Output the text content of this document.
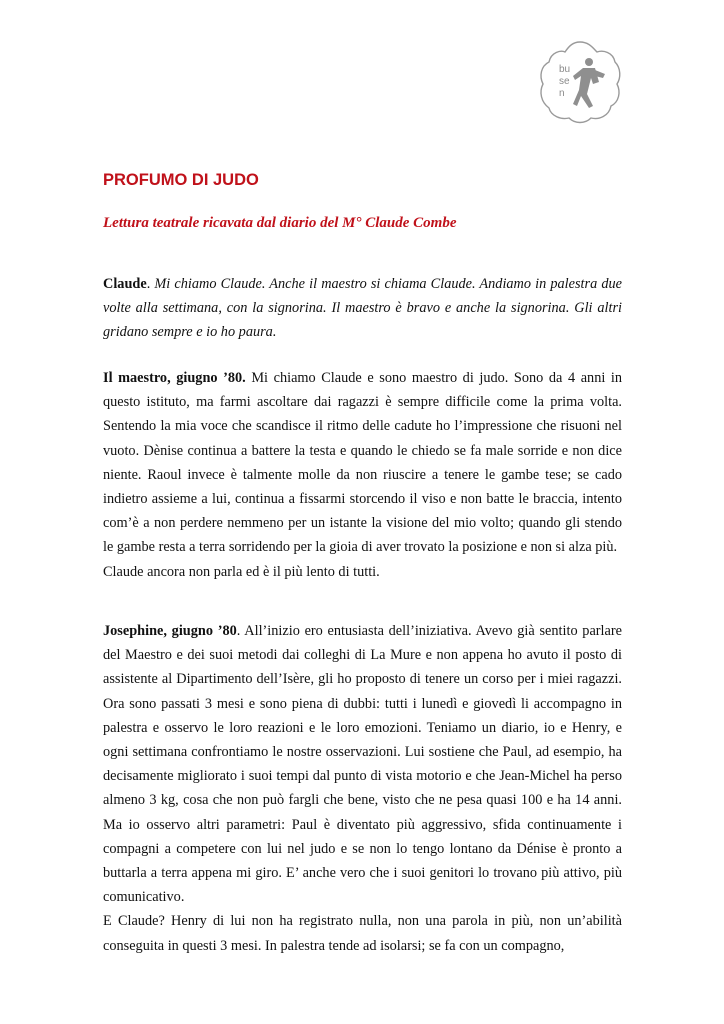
bu
se
n
PROFUMO DI JUDO
Lettura teatrale ricavata dal diario del M° Claude Combe

Claude. Mi chiamo Claude. Anche il maestro si chiama Claude. Andiamo in palestra due volte alla settimana, con la signorina. Il maestro è bravo e anche la signorina. Gli altri gridano sempre e io ho paura.

Il maestro, giugno ’80. Mi chiamo Claude e sono maestro di judo. Sono da 4 anni in questo istituto, ma farmi ascoltare dai ragazzi è sempre difficile come la prima volta. Sentendo la mia voce che scandisce il ritmo delle cadute ho l’impressione che risuoni nel vuoto. Dènise continua a battere la testa e quando le chiedo se fa male sorride e non dice niente. Raoul invece è talmente molle da non riuscire a tenere le gambe tese; se cado indietro assieme a lui, continua a fissarmi storcendo il viso e non batte le braccia, intento com’è a non perdere nemmeno per un istante la visione del mio volto; quando gli stendo le gambe resta a terra sorridendo per la gioia di aver trovato la posizione e non si alza più.
Claude ancora non parla ed è il più lento di tutti.

Josephine, giugno ’80. All’inizio ero entusiasta dell’iniziativa. Avevo già sentito parlare del Maestro e dei suoi metodi dai colleghi di La Mure e non appena ho avuto il posto di assistente al Dipartimento dell’Isère, gli ho proposto di tenere un corso per i miei ragazzi. Ora sono passati 3 mesi e sono piena di dubbi: tutti i lunedì e giovedì li accompagno in palestra e osservo le loro reazioni e le loro emozioni. Teniamo un diario, io e Henry, e ogni settimana confrontiamo le nostre osservazioni. Lui sostiene che Paul, ad esempio, ha decisamente migliorato i suoi tempi dal punto di vista motorio e che Jean-Michel ha perso almeno 3 kg, cosa che non può fargli che bene, visto che ne pesa quasi 100 e ha 14 anni. Ma io osservo altri parametri: Paul è diventato più aggressivo, sfida continuamente i compagni a competere con lui nel judo e se non lo tengo lontano da Dénise è pronto a buttarla a terra appena mi giro. E’ anche vero che i suoi genitori lo trovano più attivo, più comunicativo.
E Claude? Henry di lui non ha registrato nulla, non una parola in più, non un’abilità conseguita in questi 3 mesi. In palestra tende ad isolarsi; se fa con un compagno,
